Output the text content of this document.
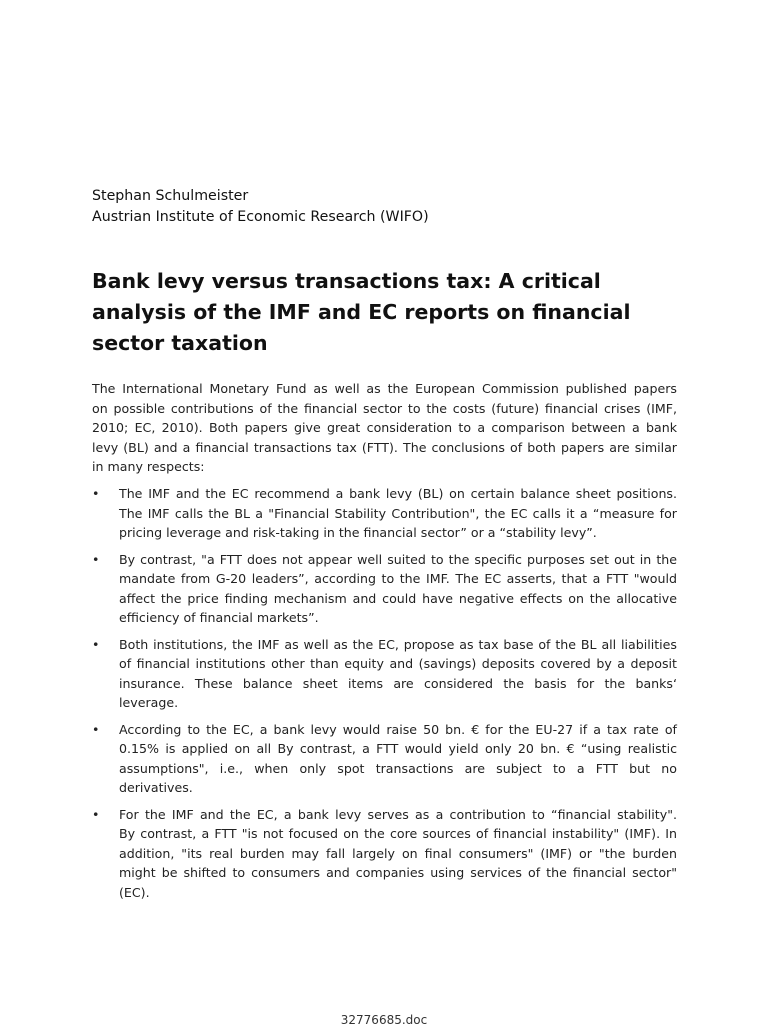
Stephan Schulmeister
Austrian Institute of Economic Research (WIFO)
Bank levy versus transactions tax: A critical
analysis of the IMF and EC reports on financial
sector taxation

The International Monetary Fund as well as the European Commission published papers
on possible contributions of the financial sector to the costs (future) financial crises (IMF,
2010; EC, 2010). Both papers give great consideration to a comparison between a bank
levy (BL) and a financial transactions tax (FTT). The conclusions of both papers are similar
in many respects:

• The IMF and the EC recommend a bank levy (BL) on certain balance sheet positions.
The IMF calls the BL a "Financial Stability Contribution", the EC calls it a “measure for
pricing leverage and risk-taking in the financial sector” or a “stability levy”.
• By contrast, "a FTT does not appear well suited to the specific purposes set out in the
mandate from G-20 leaders”, according to the IMF. The EC asserts, that a FTT "would
affect the price finding mechanism and could have negative effects on the allocative
efficiency of financial markets”.
• Both institutions, the IMF as well as the EC, propose as tax base of the BL all liabilities
of financial institutions other than equity and (savings) deposits covered by a deposit
insurance. These balance sheet items are considered the basis for the banks‘
leverage.
• According to the EC, a bank levy would raise 50 bn. € for the EU-27 if a tax rate of
0.15% is applied on all By contrast, a FTT would yield only 20 bn. € “using realistic
assumptions", i.e., when only spot transactions are subject to a FTT but no
derivatives.
• For the IMF and the EC, a bank levy serves as a contribution to “financial stability".
By contrast, a FTT "is not focused on the core sources of financial instability" (IMF). In
addition, "its real burden may fall largely on final consumers" (IMF) or "the burden
might be shifted to consumers and companies using services of the financial sector"
(EC).
32776685.doc
